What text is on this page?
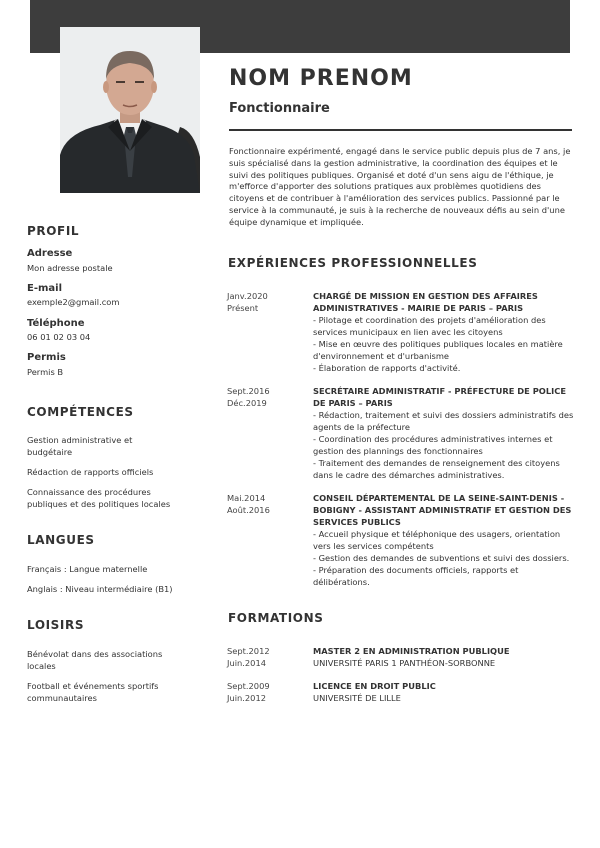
NOM PRENOM
Fonctionnaire
Fonctionnaire expérimenté, engagé dans le service public depuis plus de 7 ans, je suis spécialisé dans la gestion administrative, la coordination des équipes et le suivi des politiques publiques. Organisé et doté d'un sens aigu de l'éthique, je m'efforce d'apporter des solutions pratiques aux problèmes quotidiens des citoyens et de contribuer à l'amélioration des services publics. Passionné par le service à la communauté, je suis à la recherche de nouveaux défis au sein d'une équipe dynamique et impliquée.
PROFIL
Adresse
Mon adresse postale
E-mail
exemple2@gmail.com
Téléphone
06 01 02 03 04
Permis
Permis B
COMPÉTENCES
Gestion administrative et budgétaire
Rédaction de rapports officiels
Connaissance des procédures publiques et des politiques locales
LANGUES
Français : Langue maternelle
Anglais : Niveau intermédiaire (B1)
LOISIRS
Bénévolat dans des associations locales
Football et événements sportifs communautaires
EXPÉRIENCES PROFESSIONNELLES
Janv.2020
Présent
CHARGÉ DE MISSION EN GESTION DES AFFAIRES ADMINISTRATIVES - MAIRIE DE PARIS – PARIS
- Pilotage et coordination des projets d'amélioration des services municipaux en lien avec les citoyens
- Mise en œuvre des politiques publiques locales en matière d'environnement et d'urbanisme
- Élaboration de rapports d'activité.
Sept.2016
Déc.2019
SECRÉTAIRE ADMINISTRATIF - PRÉFECTURE DE POLICE DE PARIS – PARIS
- Rédaction, traitement et suivi des dossiers administratifs des agents de la préfecture
- Coordination des procédures administratives internes et gestion des plannings des fonctionnaires
- Traitement des demandes de renseignement des citoyens dans le cadre des démarches administratives.
Mai.2014
Août.2016
CONSEIL DÉPARTEMENTAL DE LA SEINE-SAINT-DENIS - BOBIGNY - ASSISTANT ADMINISTRATIF ET GESTION DES SERVICES PUBLICS
- Accueil physique et téléphonique des usagers, orientation vers les services compétents
- Gestion des demandes de subventions et suivi des dossiers.
- Préparation des documents officiels, rapports et délibérations.
FORMATIONS
Sept.2012
Juin.2014
MASTER 2 EN ADMINISTRATION PUBLIQUE
UNIVERSITÉ PARIS 1 PANTHÉON-SORBONNE
Sept.2009
Juin.2012
LICENCE EN DROIT PUBLIC
UNIVERSITÉ DE LILLE
